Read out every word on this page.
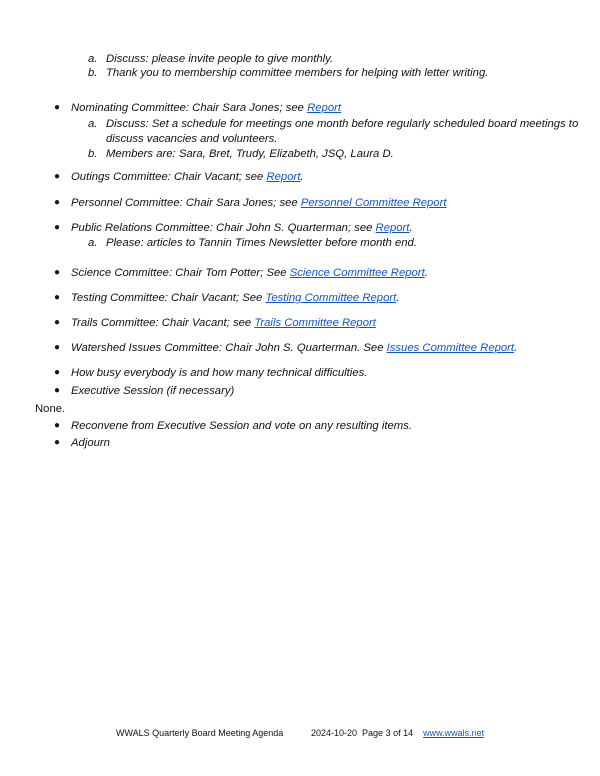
a. Discuss: please invite people to give monthly.
b. Thank you to membership committee members for helping with letter writing.
● Nominating Committee: Chair Sara Jones; see Report
a. Discuss: Set a schedule for meetings one month before regularly scheduled board meetings to
discuss vacancies and volunteers.
b. Members are: Sara, Bret, Trudy, Elizabeth, JSQ, Laura D.
● Outings Committee: Chair Vacant; see Report.
● Personnel Committee: Chair Sara Jones; see Personnel Committee Report
● Public Relations Committee: Chair John S. Quarterman; see Report.
a. Please: articles to Tannin Times Newsletter before month end.
● Science Committee: Chair Tom Potter; See Science Committee Report.
● Testing Committee: Chair Vacant; See Testing Committee Report.
● Trails Committee: Chair Vacant; see Trails Committee Report
● Watershed Issues Committee: Chair John S. Quarterman. See Issues Committee Report.
● How busy everybody is and how many technical difficulties.
● Executive Session (if necessary)
None.
● Reconvene from Executive Session and vote on any resulting items.
● Adjourn
WWALS Quarterly Board Meeting Agenda	2024-10-20 Page 3 of 14 www.wwals.net
